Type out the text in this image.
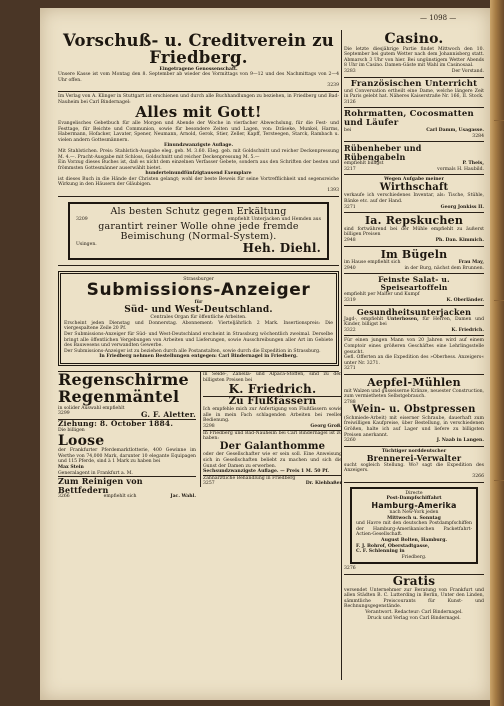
— 1098 —

Vorschuß- u. Creditverein zu Friedberg.

Eingetragene Genossenschaft.

Unsere Kasse ist vom Montag den 8. September ab wieder des Vormittags von 9—12 und des Nachmittags von 2—4 Uhr offen.

3239

Im Verlag von A. Klinger in Stuttgart ist erschienen und durch alle Buchhandlungen zu beziehen, in Friedberg und Bad-Nauheim bei Carl Bindernagel:

Alles mit Gott!

Evangelisches Gebetbuch für alle Morgen und Abende der Woche in vierfacher Abwechslung, für die Fest- und Festtage, für Beichte und Communion, sowie für besondere Zeiten und Lagen, von: Dräseke, Munkel, Harms, Habermann, Hofacker, Lavater, Spener, Neumann, Arnold, Gerok, Stier, Zeller, Kapff, Tersteegen, Starck, Rambach u. vielen andern Gottesmännern.

Einundzwanzigste Auflage.

Mit Stahlstichen. Preis: Stahlstich-Ausgabe eleg. geb. M. 3.60. Eleg. geb. mit Goldschnitt und reicher Deckenpressung M. 4.—. Pracht-Ausgabe mit Schloss, Goldschnitt und reicher Deckenpressung M. 5.—

Ein Vorzug dieses Buches ist, daß es nicht dem einzelnen Verfasser Gebete, sondern aus den Schriften der besten und frömmsten Gottesmänner auserwählt bietet.

hunderteinundfünfzigtausend Exemplare

ist dieses Buch in die Hände der Christen gelangt; wohl der beste Beweis für seine Vortrefflichkeit und segensreiche Wirkung in den Häusern der Gläubigen.

1393

Als besten Schutz gegen Erkältung

3209	empfiehlt Unterjacken und Hemden aus

garantirt reiner Wolle ohne jede fremde

Beimischung (Normal-System).

Usingen.	Heh. Diehl.

Strassburger

Submissions-Anzeiger

für

Süd- und West-Deutschland.

Centrales Organ für öffentliche Arbeiten.

Erscheint jeden Dienstag und Donnerstag. Abonnement: Vierteljährlich 2 Mark. Insertionspreis: Die viergespaltene Zeile 20 Pf.

Der Submissions-Anzeiger für Süd- und West-Deutschland erscheint in Strassburg wöchentlich zweimal. Derselbe bringt alle öffentlichen Vergebungen von Arbeiten und Lieferungen, sowie Ausschreibungen aller Art im Gebiete des Bauwesens und verwandten Gewerbe.

Der Submissions-Anzeiger ist zu beziehen durch alle Postanstalten, sowie durch die Expedition in Strassburg.

In Friedberg nehmen Bestellungen entgegen: Carl Bindernagel in Friedberg.

Regenschirme

Regenmäntel

in solider Auswahl empfiehlt

3299	G. F. Aletter.

Ziehung: 8. October 1884.

Die billigen

Loose

der Frankfurter Pferdemarktlotterie, 400 Gewinne im Werthe von 74,000 Mark, darunter 10 elegante Equipagen und 115 Pferde, sind à 1 Mark zu haben bei

Max Stein

Generalagent in Frankfurt a. M.

Zum Reinigen von Bettfedern

3266	empfiehlt sich	Jac. Wahl.

in Seide-, Zanella- und Alpaca-Stoffen, sind zu den billigsten Preisen bei

K. Friedrich.

Zu Flußfässern

Ich empfehle mich zur Anfertigung von Flußfässern sowie alle in mein Fach schlagenden Arbeiten bei reeller Bedienung.

3298	Georg Groß.

In Friedberg und Bad-Nauheim bei Carl Bindernagel ist zu haben:

Der Galanthomme

oder der Gesellschafter wie er sein soll. Eine Anweisung sich in Gesellschaften beliebt zu machen und sich die Gunst der Damen zu erwerben.

Sechsundzwanzigste Auflage. — Preis 1 M. 50 Pf.

Zahnärztliche Behandlung in Friedberg

3257	Dr. Kiehbaßer

Casino.

Die letzte diesjährige Partie findet Mittwoch den 10. September bei gutem Wetter nach dem Johannisberg statt. Abmarsch 3 Uhr von hier. Bei ungünstigem Wetter Abends 8 Uhr im Casino. Damen-Gäste mit Wahl im Casinosaal.

3283	Der Vorstand.

Französischen Unterricht

und Conversation ertheilt eine Dame, welche längere Zeit in Paris gelebt hat. Näheres Kaiserstraße Nr. 166, II. Stock.

3126

Rohrmatten, Cocosmatten und Läufer

bei	Carl Damm, Usagasse.

3284

Rübenheber und Rübengabeln

empfiehlt billigst	P. Theis,
3217	vormals H. Haubild.

Wegen Aufgabe meiner

Wirthschaft

verkaufe ich verschiedenes Inventar, als: Tische, Stühle, Bänke etc. auf der Hand.

3271	Georg Jonkiss II.

Ia. Repskuchen

sind fortwährend bei der Mühle empfiehlt zu äußerst billigen Preisen

2948	Ph. Dan. Kimmich.

Im Bügeln

im Hause empfiehlt sich	Frau May,
2940	in der Burg, nächst dem Brunnen.

Feinste Salat- u. Speiseartoffeln

empfiehlt per Malter und Kumpf

3319	K. Oberländer.

Gesundheitsunterjacken

Jagd-, empfiehlt Unterhosen, für Herren, Damen und Kinder, billigst bei

3322	K. Friedrich.

Für einen jungen Mann von 20 Jahren wird auf einem Comptoir eines größeren Geschäftes eine Lehrlingsstelle gesucht.

Gefl. Offerten an die Expedition des »Oberhess. Anzeigers« unter Nr. 3271.

3271

Aepfel-Mühlen

mit Walzen und gusseiserne Kränze, neuester Construction, zum vermietheten Selbstgebrauch.

2788

Wein- u. Obstpressen

(Schmiede-Arbeit) mit eiserner Schraube, dauerhaft zum freiwilligen Kaufpreise, über Bestellung, in verschiedenen Größen, halte ich auf Lager und liefere zu billigsten Preisen anerkannt.

3260	J. Naab in Langen.

Tüchtiger norddeutscher

Brennerei-Verwalter

sucht sogleich Stellung. Wo? sagt die Expedition des Anzeigers.

3266

Directe

Post-Dampfschiffahrt

Hamburg-Amerika

nach New-York jeden

Mittwoch u. Sonntag

und Havre mit den deutschen Postdampfschiffen der Hamburg-Amerikanischen Packetfahrt-Actien-Gesellschaft.

August Bolten, Hamburg.

F. J. Bohrof, Oberstadtgasse,

C. F. Schlenning in

Friedberg.

3276

Gratis

versendet Unternehmer zur Beratung von Frankfurt und allen Städten B. C. Lutterding in Berlin, Unter den Linden, sämmtliche Preiscourants für Kunst- und Rechnungsgegenstände.

Verantwort. Redacteur: Carl Bindernagel.

Druck und Verlag von Carl Bindernagel.
